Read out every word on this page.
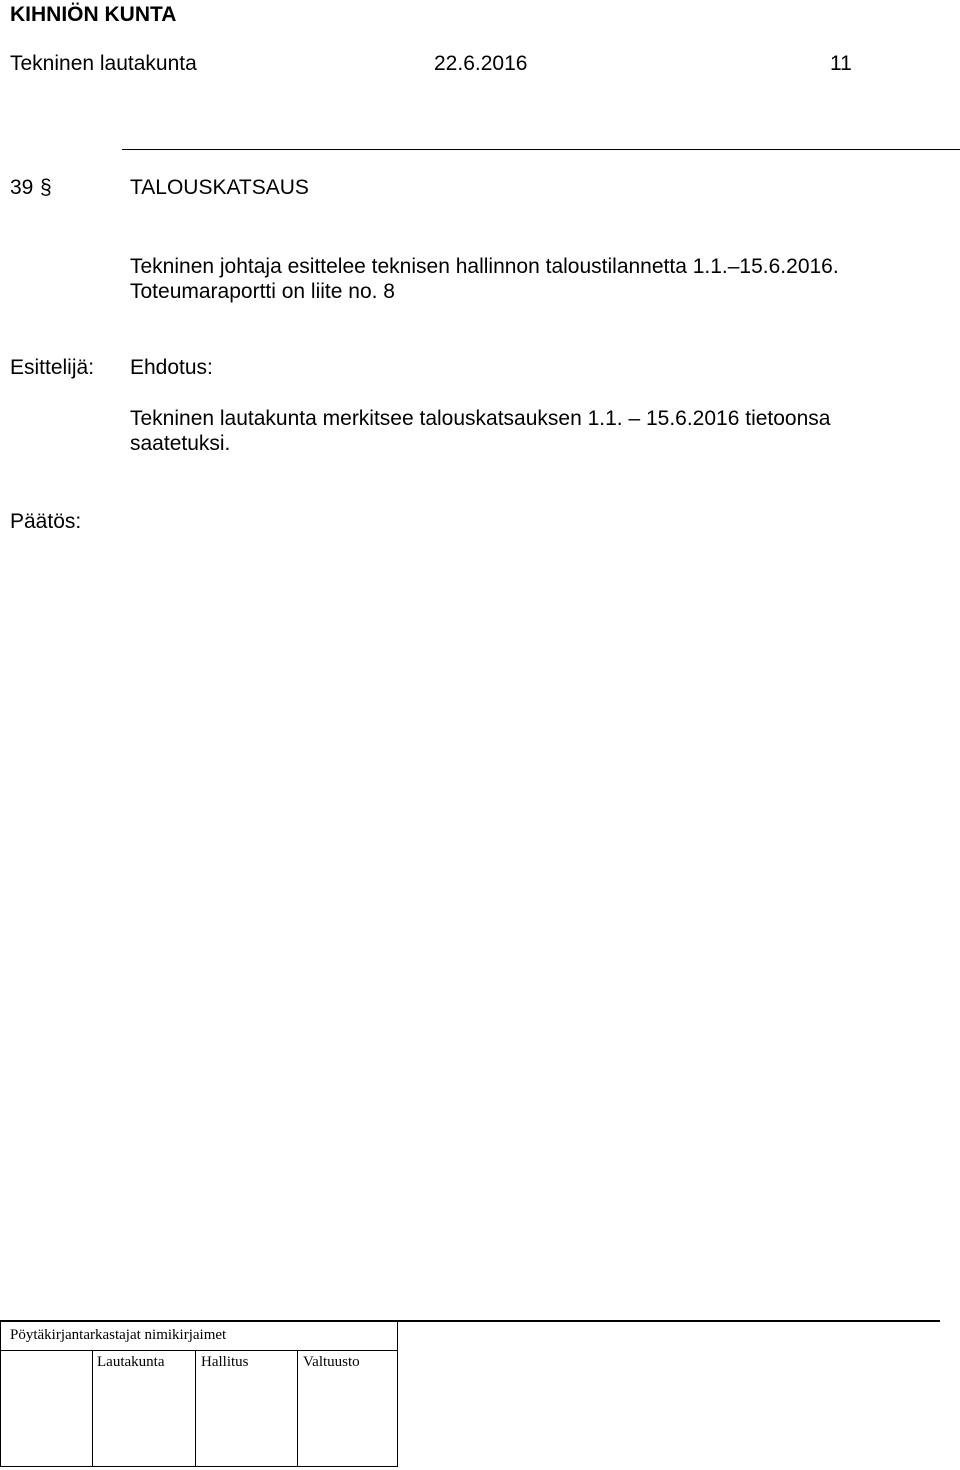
KIHNIÖN KUNTA
Tekninen lautakunta	22.6.2016	11
39 §	TALOUSKATSAUS
Tekninen johtaja esittelee teknisen hallinnon taloustilannetta 1.1.–15.6.2016.
Toteumaraportti on liite no. 8
Esittelijä: Ehdotus:
Tekninen lautakunta merkitsee talouskatsauksen 1.1. – 15.6.2016 tietoonsa
saatetuksi.
Päätös:
Pöytäkirjantarkastajat nimikirjaimet
Lautakunta Hallitus	Valtuusto
